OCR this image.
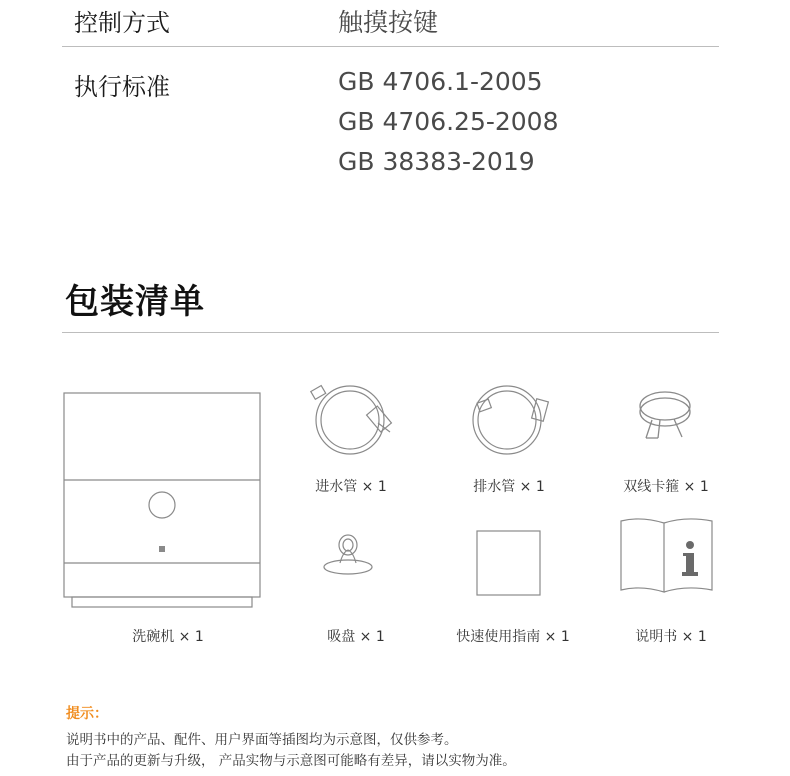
控制方式	触摸按键
执行标准	GB 4706.1-2005
GB 4706.25-2008
GB 38383-2019
包装清单
洗碗机 × 1
进水管 × 1	排水管 × 1	双线卡箍 × 1
吸盘 × 1	快速使用指南 × 1	说明书 × 1
提示：
说明书中的产品、配件、用户界面等插图均为示意图，仅供参考。
由于产品的更新与升级， 产品实物与示意图可能略有差异，请以实物为准。
